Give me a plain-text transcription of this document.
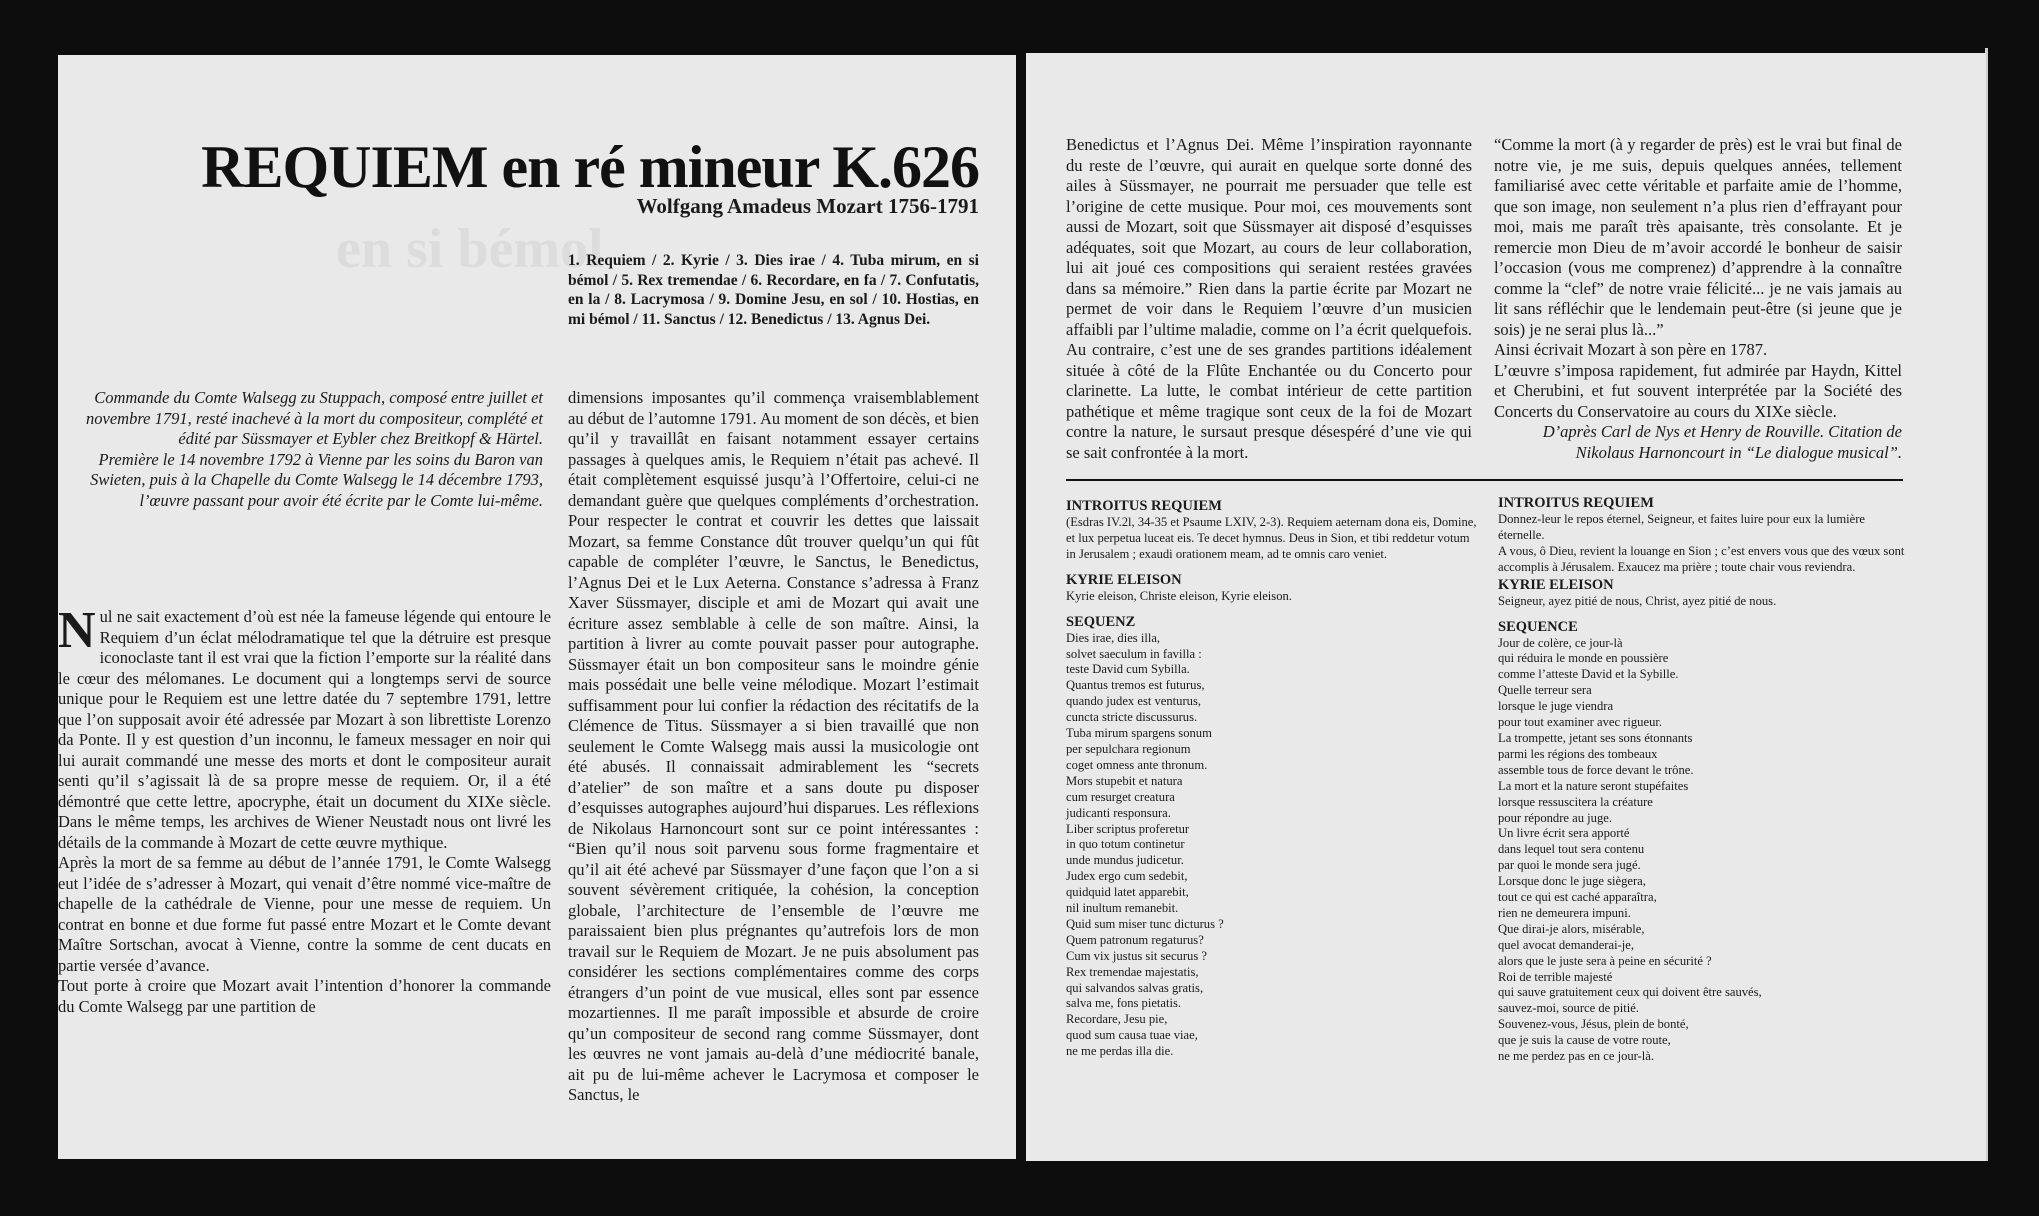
en si bémol
REQUIEM en ré mineur K.626
Wolfgang Amadeus Mozart 1756-1791

1. Requiem / 2. Kyrie / 3. Dies irae / 4. Tuba mirum, en si bémol / 5. Rex tremendae / 6. Recordare, en fa / 7. Confutatis, en la / 8. Lacrymosa / 9. Domine Jesu, en sol / 10. Hostias, en mi bémol / 11. Sanctus / 12. Benedictus / 13. Agnus Dei.

Commande du Comte Walsegg zu Stuppach, composé entre juillet et novembre 1791, resté inachevé à la mort du compositeur, complété et édité par Süssmayer et Eybler chez Breitkopf & Härtel.

Première le 14 novembre 1792 à Vienne par les soins du Baron van Swieten, puis à la Chapelle du Comte Walsegg le 14 décembre 1793, l’œuvre passant pour avoir été écrite par le Comte lui-même.

Nul ne sait exactement d’où est née la fameuse légende qui entoure le Requiem d’un éclat mélodramatique tel que la détruire est presque iconoclaste tant il est vrai que la fiction l’emporte sur la réalité dans le cœur des mélomanes. Le document qui a longtemps servi de source unique pour le Requiem est une lettre datée du 7 septembre 1791, lettre que l’on supposait avoir été adressée par Mozart à son librettiste Lorenzo da Ponte. Il y est question d’un inconnu, le fameux messager en noir qui lui aurait commandé une messe des morts et dont le compositeur aurait senti qu’il s’agissait là de sa propre messe de requiem. Or, il a été démontré que cette lettre, apocryphe, était un document du XIXe siècle. Dans le même temps, les archives de Wiener Neustadt nous ont livré les détails de la commande à Mozart de cette œuvre mythique.

Après la mort de sa femme au début de l’année 1791, le Comte Walsegg eut l’idée de s’adresser à Mozart, qui venait d’être nommé vice-maître de chapelle de la cathédrale de Vienne, pour une messe de requiem. Un contrat en bonne et due forme fut passé entre Mozart et le Comte devant Maître Sortschan, avocat à Vienne, contre la somme de cent ducats en partie versée d’avance.

Tout porte à croire que Mozart avait l’intention d’honorer la commande du Comte Walsegg par une partition de

dimensions imposantes qu’il commença vraisemblablement au début de l’automne 1791. Au moment de son décès, et bien qu’il y travaillât en faisant notamment essayer certains passages à quelques amis, le Requiem n’était pas achevé. Il était complètement esquissé jusqu’à l’Offertoire, celui-ci ne demandant guère que quelques compléments d’orchestration. Pour respecter le contrat et couvrir les dettes que laissait Mozart, sa femme Constance dût trouver quelqu’un qui fût capable de compléter l’œuvre, le Sanctus, le Benedictus, l’Agnus Dei et le Lux Aeterna. Constance s’adressa à Franz Xaver Süssmayer, disciple et ami de Mozart qui avait une écriture assez semblable à celle de son maître. Ainsi, la partition à livrer au comte pouvait passer pour autographe. Süssmayer était un bon compositeur sans le moindre génie mais possédait une belle veine mélodique. Mozart l’estimait suffisamment pour lui confier la rédaction des récitatifs de la Clémence de Titus. Süssmayer a si bien travaillé que non seulement le Comte Walsegg mais aussi la musicologie ont été abusés. Il connaissait admirablement les “secrets d’atelier” de son maître et a sans doute pu disposer d’esquisses autographes aujourd’hui disparues. Les réflexions de Nikolaus Harnoncourt sont sur ce point intéressantes : “Bien qu’il nous soit parvenu sous forme fragmentaire et qu’il ait été achevé par Süssmayer d’une façon que l’on a si souvent sévèrement critiquée, la cohésion, la conception globale, l’architecture de l’ensemble de l’œuvre me paraissaient bien plus prégnantes qu’autrefois lors de mon travail sur le Requiem de Mozart. Je ne puis absolument pas considérer les sections complémentaires comme des corps étrangers d’un point de vue musical, elles sont par essence mozartiennes. Il me paraît impossible et absurde de croire qu’un compositeur de second rang comme Süssmayer, dont les œuvres ne vont jamais au-delà d’une médiocrité banale, ait pu de lui-même achever le Lacrymosa et composer le Sanctus, le

Benedictus et l’Agnus Dei. Même l’inspiration rayonnante du reste de l’œuvre, qui aurait en quelque sorte donné des ailes à Süssmayer, ne pourrait me persuader que telle est l’origine de cette musique. Pour moi, ces mouvements sont aussi de Mozart, soit que Süssmayer ait disposé d’esquisses adéquates, soit que Mozart, au cours de leur collaboration, lui ait joué ces compositions qui seraient restées gravées dans sa mémoire.” Rien dans la partie écrite par Mozart ne permet de voir dans le Requiem l’œuvre d’un musicien affaibli par l’ultime maladie, comme on l’a écrit quelquefois. Au contraire, c’est une de ses grandes partitions idéalement située à côté de la Flûte Enchantée ou du Concerto pour clarinette. La lutte, le combat intérieur de cette partition pathétique et même tragique sont ceux de la foi de Mozart contre la nature, le sursaut presque désespéré d’une vie qui se sait confrontée à la mort.

“Comme la mort (à y regarder de près) est le vrai but final de notre vie, je me suis, depuis quelques années, tellement familiarisé avec cette véritable et parfaite amie de l’homme, que son image, non seulement n’a plus rien d’effrayant pour moi, mais me paraît très apaisante, très consolante. Et je remercie mon Dieu de m’avoir accordé le bonheur de saisir l’occasion (vous me comprenez) d’apprendre à la connaître comme la “clef” de notre vraie félicité... je ne vais jamais au lit sans réfléchir que le lendemain peut-être (si jeune que je sois) je ne serai plus là...”

Ainsi écrivait Mozart à son père en 1787.

L’œuvre s’imposa rapidement, fut admirée par Haydn, Kittel et Cherubini, et fut souvent interprétée par la Société des Concerts du Conservatoire au cours du XIXe siècle.

D’après Carl de Nys et Henry de Rouville. Citation de Nikolaus Harnoncourt in “Le dialogue musical”.

INTROITUS REQUIEM

(Esdras IV.2l, 34-35 et Psaume LXIV, 2-3). Requiem aeternam dona eis, Domine, et lux perpetua luceat eis. Te decet hymnus. Deus in Sion, et tibi reddetur votum in Jerusalem ; exaudi orationem meam, ad te omnis caro veniet.

KYRIE ELEISON

Kyrie eleison, Christe eleison, Kyrie eleison.

SEQUENZ

Dies irae, dies illa,
solvet saeculum in favilla :
teste David cum Sybilla.
Quantus tremos est futurus,
quando judex est venturus,
cuncta stricte discussurus.
Tuba mirum spargens sonum
per sepulchara regionum
coget omness ante thronum.
Mors stupebit et natura
cum resurget creatura
judicanti responsura.
Liber scriptus proferetur
in quo totum continetur
unde mundus judicetur.
Judex ergo cum sedebit,
quidquid latet apparebit,
nil inultum remanebit.
Quid sum miser tunc dicturus ?
Quem patronum regaturus?
Cum vix justus sit securus ?
Rex tremendae majestatis,
qui salvandos salvas gratis,
salva me, fons pietatis.
Recordare, Jesu pie,
quod sum causa tuae viae,
ne me perdas illa die.

INTROITUS REQUIEM

Donnez-leur le repos éternel, Seigneur, et faites luire pour eux la lumière éternelle.

A vous, ô Dieu, revient la louange en Sion ; c’est envers vous que des vœux sont accomplis à Jérusalem. Exaucez ma prière ; toute chair vous reviendra.

KYRIE ELEISON

Seigneur, ayez pitié de nous, Christ, ayez pitié de nous.

SEQUENCE

Jour de colère, ce jour-là
qui réduira le monde en poussière
comme l’atteste David et la Sybille.
Quelle terreur sera
lorsque le juge viendra
pour tout examiner avec rigueur.
La trompette, jetant ses sons étonnants
parmi les régions des tombeaux
assemble tous de force devant le trône.
La mort et la nature seront stupéfaites
lorsque ressuscitera la créature
pour répondre au juge.
Un livre écrit sera apporté
dans lequel tout sera contenu
par quoi le monde sera jugé.
Lorsque donc le juge siègera,
tout ce qui est caché apparaîtra,
rien ne demeurera impuni.
Que dirai-je alors, misérable,
quel avocat demanderai-je,
alors que le juste sera à peine en sécurité ?
Roi de terrible majesté
qui sauve gratuitement ceux qui doivent être sauvés,
sauvez-moi, source de pitié.
Souvenez-vous, Jésus, plein de bonté,
que je suis la cause de votre route,
ne me perdez pas en ce jour-là.
